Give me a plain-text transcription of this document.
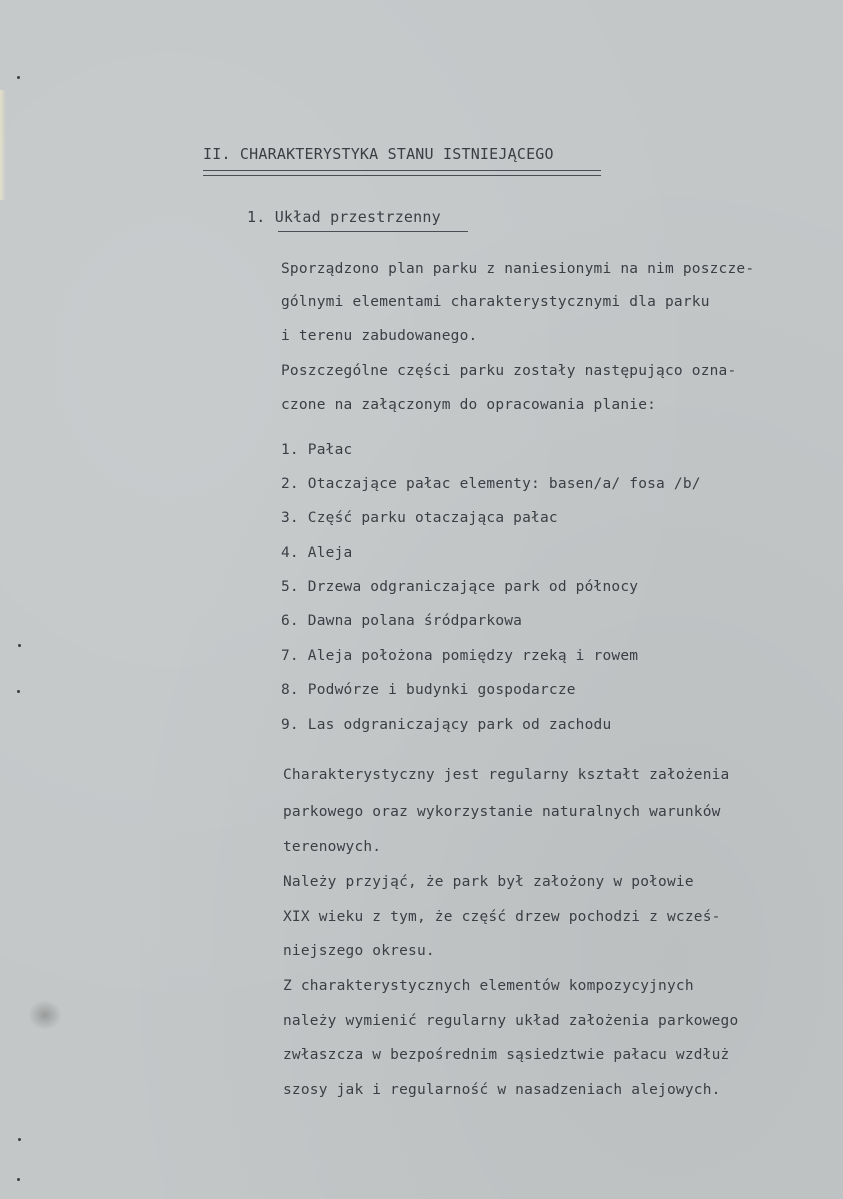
II. CHARAKTERYSTYKA STANU ISTNIEJĄCEGO
1. Układ przestrzenny
Sporządzono plan parku z naniesionymi na nim poszcze-
gólnymi elementami charakterystycznymi dla parku
i terenu zabudowanego.
Poszczególne części parku zostały następująco ozna-
czone na załączonym do opracowania planie:
1. Pałac
2. Otaczające pałac elementy: basen/a/ fosa /b/
3. Część parku otaczająca pałac
4. Aleja
5. Drzewa odgraniczające park od północy
6. Dawna polana śródparkowa
7. Aleja położona pomiędzy rzeką i rowem
8. Podwórze i budynki gospodarcze
9. Las odgraniczający park od zachodu
Charakterystyczny jest regularny kształt założenia
parkowego oraz wykorzystanie naturalnych warunków
terenowych.
Należy przyjąć, że park był założony w połowie
XIX wieku z tym, że część drzew pochodzi z wcześ-
niejszego okresu.
Z charakterystycznych elementów kompozycyjnych
należy wymienić regularny układ założenia parkowego
zwłaszcza w bezpośrednim sąsiedztwie pałacu wzdłuż
szosy jak i regularność w nasadzeniach alejowych.
